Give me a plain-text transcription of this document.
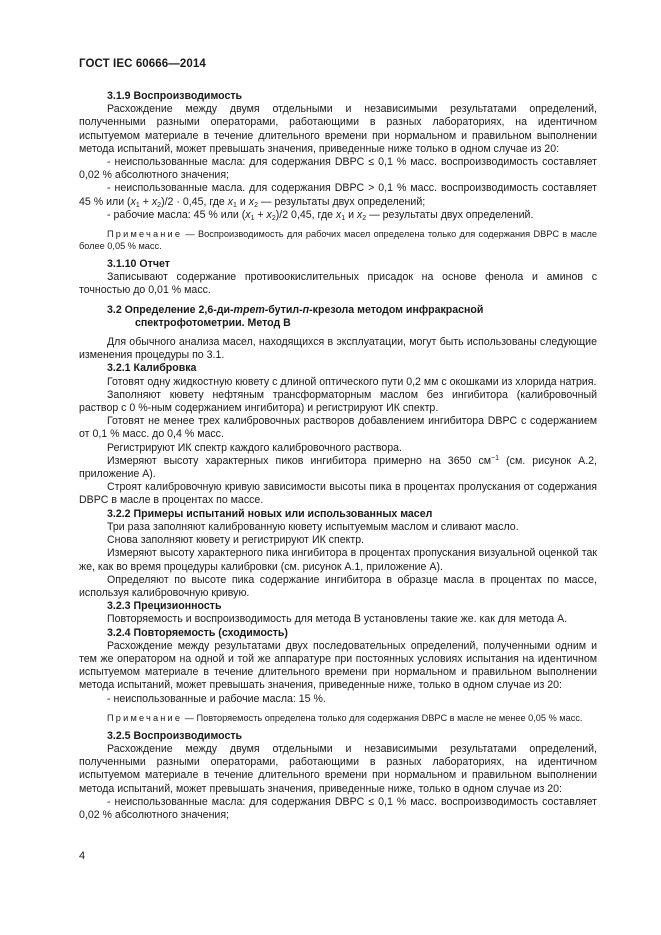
ГОСТ IEC 60666—2014

3.1.9 Воспроизводимость

Расхождение между двумя отдельными и независимыми результатами определений, полученными разными операторами, работающими в разных лабораториях, на идентичном испытуемом материале в течение длительного времени при нормальном и правильном выполнении метода испытаний, может превышать значения, приведенные ниже только в одном случае из 20:

- неиспользованные масла: для содержания DBPC ≤ 0,1 % масс. воспроизводимость составляет 0,02 % абсолютного значения;

- неиспользованные масла. для содержания DBPC > 0,1 % масс. воспроизводимость составляет 45 % или $(x_1 + x_2)/2 \cdot 0,45$, где $x_1$ и $x_2$ — результаты двух определений;

- рабочие масла: 45 % или $(x_1 + x_2)/2$ 0,45, где $x_1$ и $x_2$ — результаты двух определений.

Примечание — Воспроизводимость для рабочих масел определена только для содержания DBPC в масле более 0,05 % масс.

3.1.10 Отчет

Записывают содержание противоокислительных присадок на основе фенола и аминов с точностью до 0,01 % масс.

3.2 Определение 2,6-ди-трет-бутил-п-крезола методом инфракрасной

спектрофотометрии. Метод В

Для обычного анализа масел, находящихся в эксплуатации, могут быть использованы следующие изменения процедуры по 3.1.

3.2.1 Калибровка

Готовят одну жидкостную кювету с длиной оптического пути 0,2 мм с окошками из хлорида натрия.

Заполняют кювету нефтяным трансформаторным маслом без ингибитора (калибровочный раствор с 0 %-ным содержанием ингибитора) и регистрируют ИК спектр.

Готовят не менее трех калибровочных растворов добавлением ингибитора DBPC с содержанием от 0,1 % масс. до 0,4 % масс.

Регистрируют ИК спектр каждого калибровочного раствора.

Измеряют высоту характерных пиков ингибитора примерно на 3650 $см^{-1}$ (см. рисунок А.2, приложение А).

Строят калибровочную кривую зависимости высоты пика в процентах пролускания от содержания DBPC в масле в процентах по массе.

3.2.2 Примеры испытаний новых или использованных масел

Три раза заполняют калиброванную кювету испытуемым маслом и сливают масло.

Снова заполняют кювету и регистрируют ИК спектр.

Измеряют высоту характерного пика ингибитора в процентах пропускания визуальной оценкой так же, как во время процедуры калибровки (см. рисунок А.1, приложение А).

Определяют по высоте пика содержание ингибитора в образце масла в процентах по массе, используя калибровочную кривую.

3.2.3 Прецизионность

Повторяемость и воспроизводимость для метода В установлены такие же. как для метода А.

3.2.4 Повторяемость (сходимость)

Расхождение между результатами двух последовательных определений, полученными одним и тем же оператором на одной и той же аппаратуре при постоянных условиях испытания на идентичном испытуемом материале в течение длительного времени при нормальном и правильном выполнении метода испытаний, может превышать значения, приведенные ниже, только в одном случае из 20:

- неиспользованные и рабочие масла: 15 %.

Примечание — Повторяемость определена только для содержания DBPC в масле не менее 0,05 % масс.

3.2.5 Воспроизводимость

Расхождение между двумя отдельными и независимыми результатами определений, полученными разными операторами, работающими в разных лабораториях, на идентичном испытуемом материале в течение длительного времени при нормальном и правильном выполнении метода испытаний, может превышать значения, приведенные ниже, только в одном случае из 20:

- неиспользованные масла: для содержания DBPC ≤ 0,1 % масс. воспроизводимость составляет 0,02 % абсолютного значения;

4
